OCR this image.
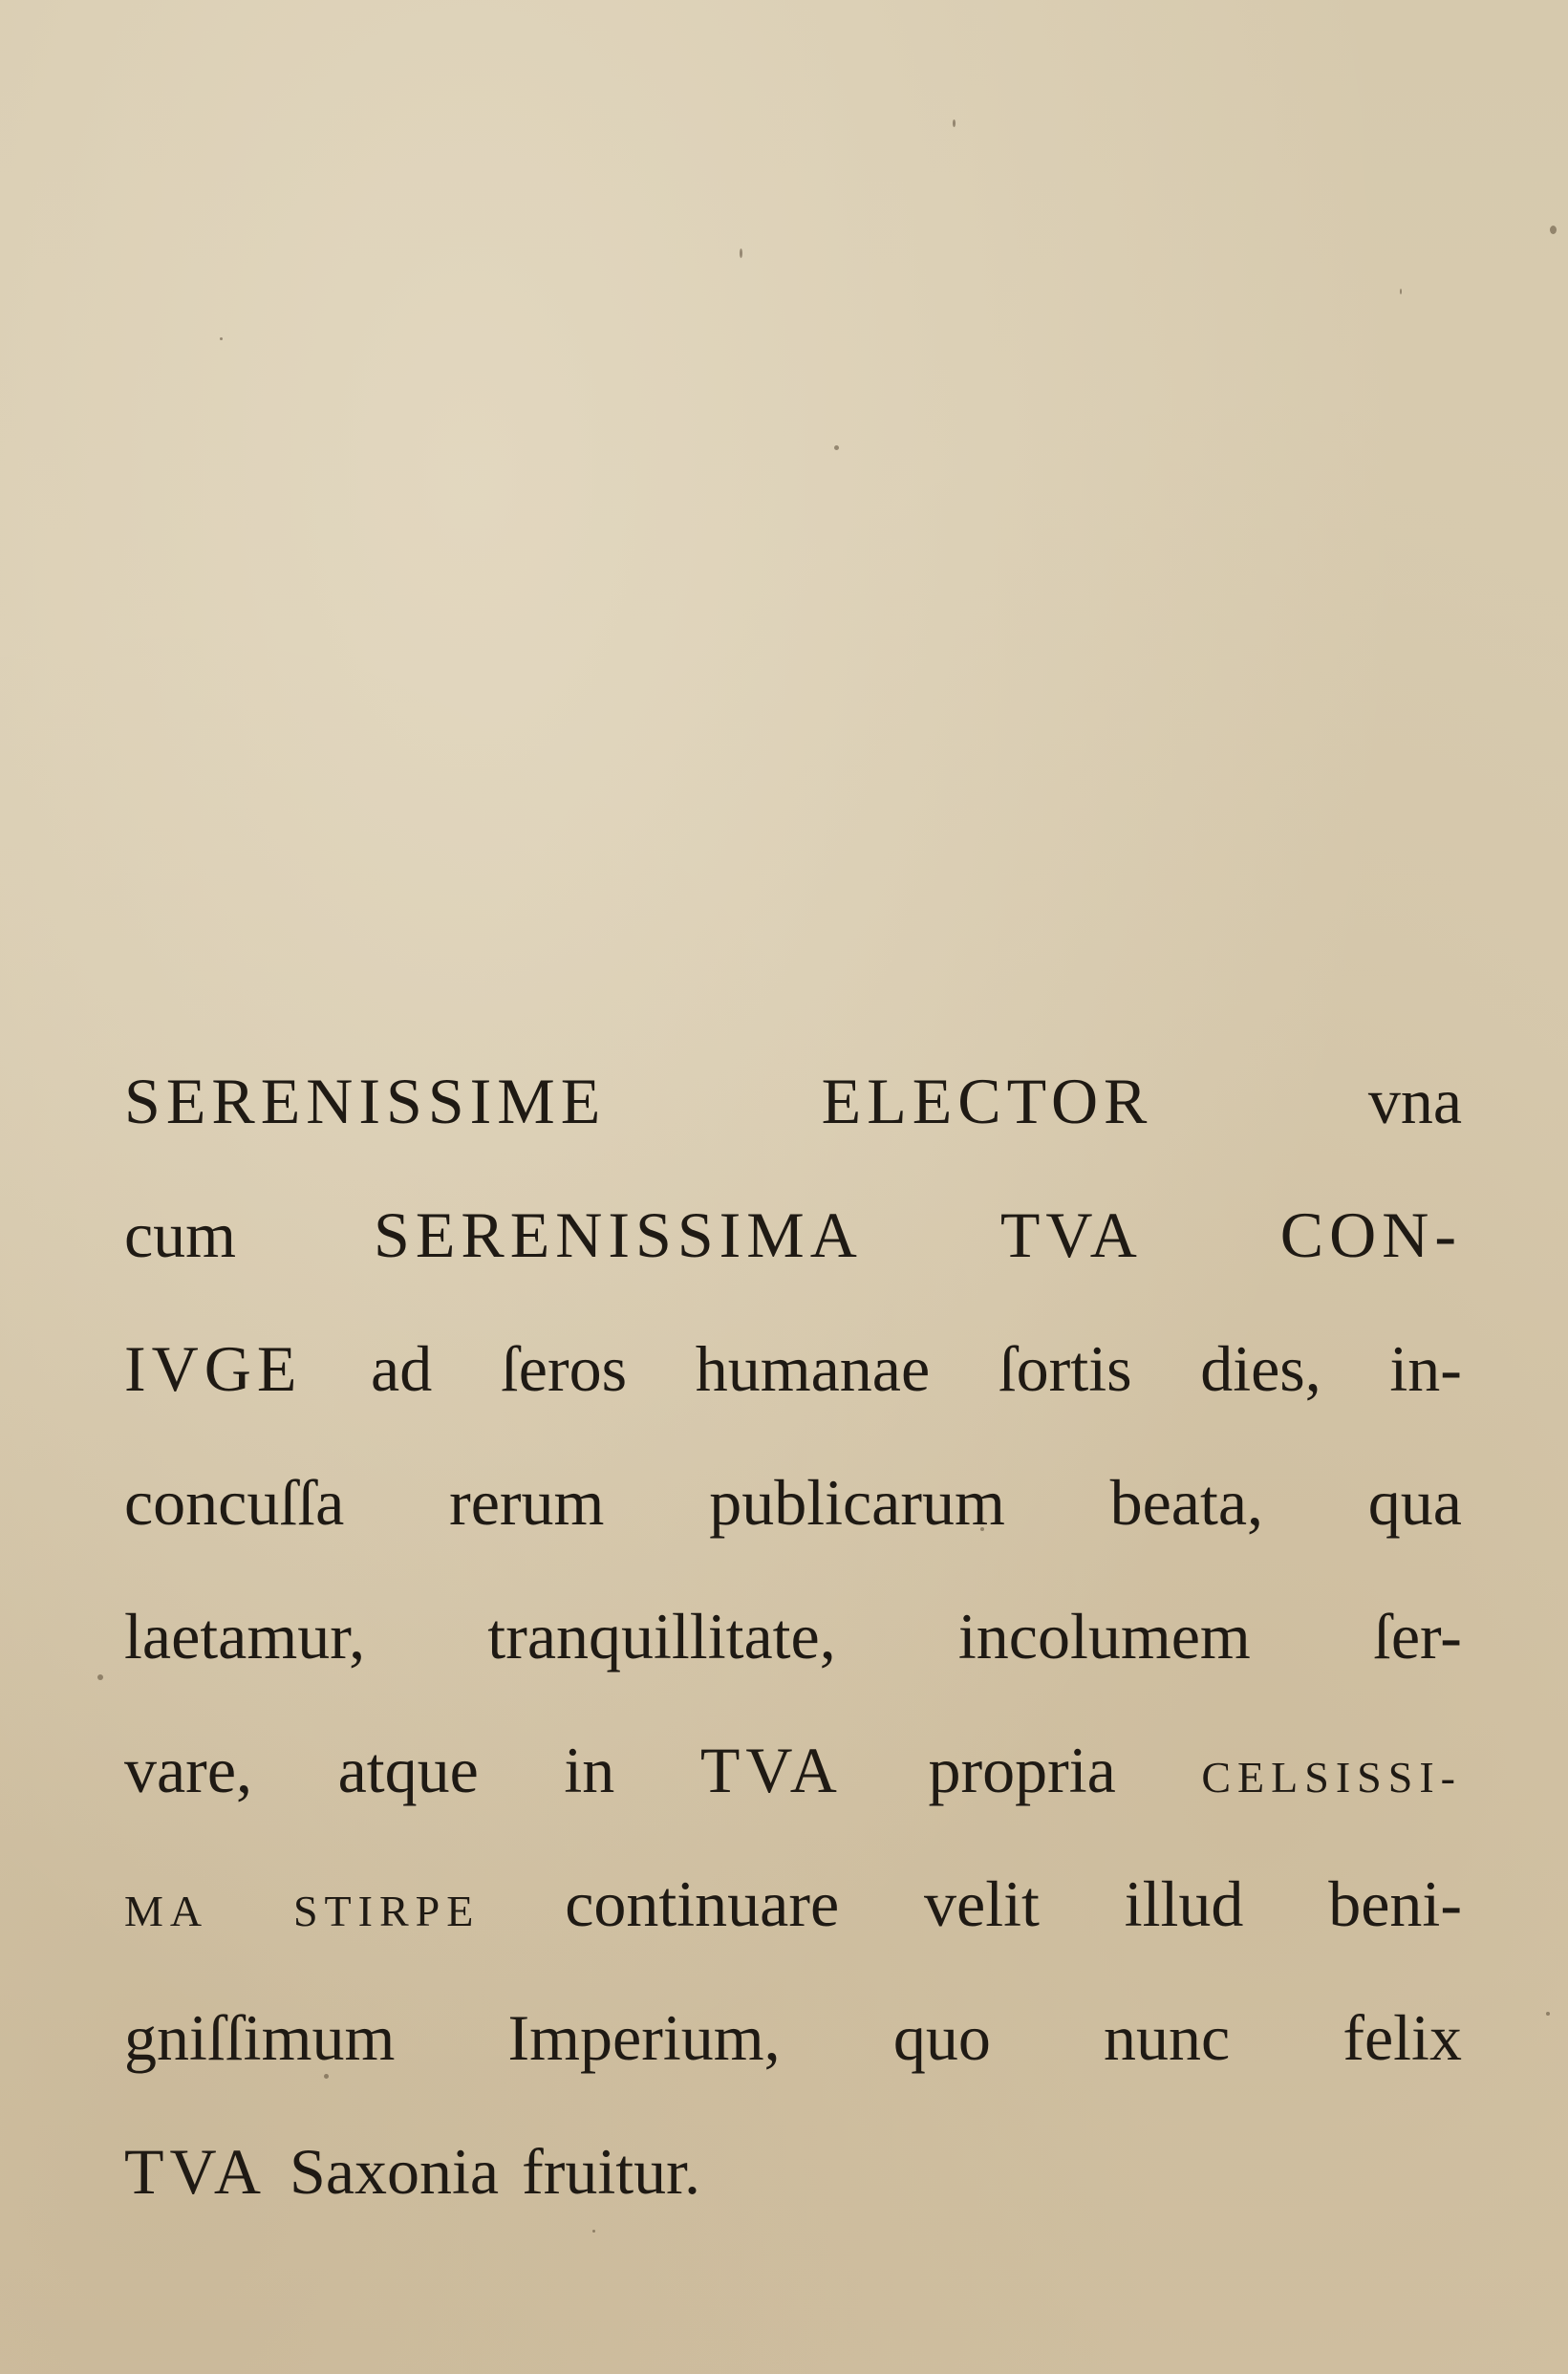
SERENISSIME	ELECTOR	vna
cum SERENISSIMA TVA CON-
IVGE ad ſeros humanae ſortis dies, in-
concuſſa rerum publicarum beata, qua
laetamur, tranquillitate, incolumem ſer-
vare, atque in TVA propria CELSISSI-
MA STIRPE continuare velit illud beni-
gniſſimum Imperium, quo nunc felix
TVA Saxonia fruitur.
